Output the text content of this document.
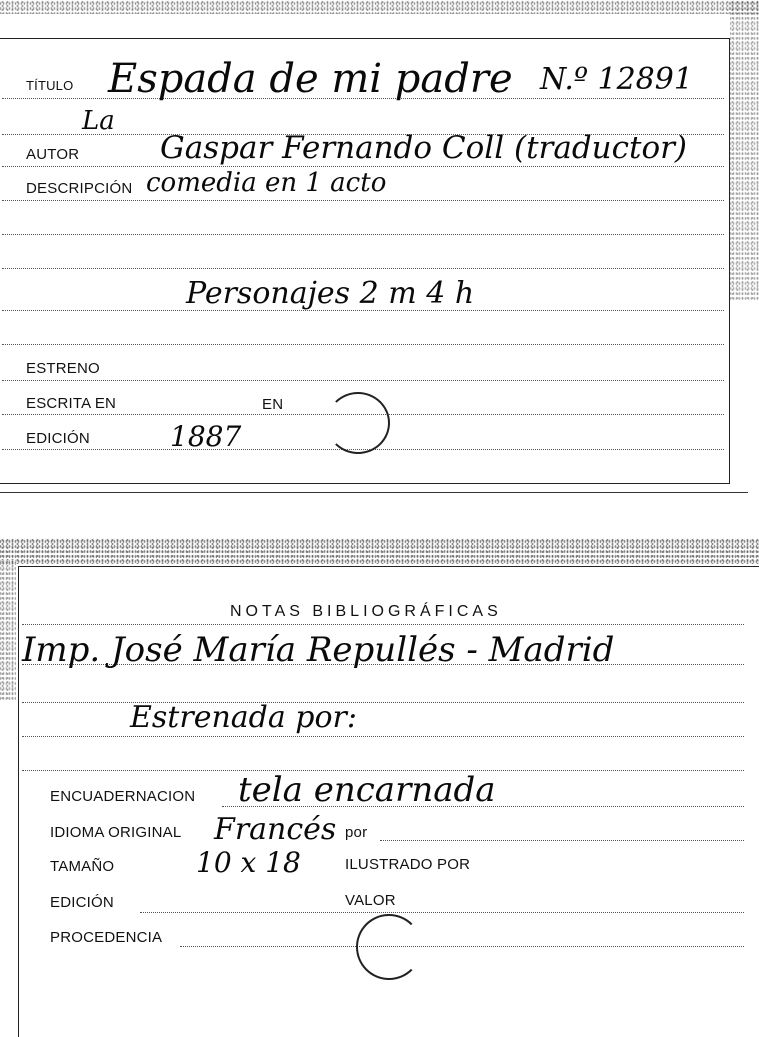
TÍTULO Espada de mi padre N.º 12891
La
AUTOR	Gaspar Fernando Coll (traductor)
DESCRIPCIÓN comedia en 1 acto
Personajes 2 m 4 h
ESTRENO
ESCRITA EN	EN
EDICIÓN	1887
NOTAS BIBLIOGRÁFICAS
Imp. José María Repullés - Madrid
Estrenada por:
ENCUADERNACION tela encarnada
IDIOMA ORIGINAL Francés por
TAMAÑO	10 x 18	ILUSTRADO POR
EDICIÓN	VALOR
PROCEDENCIA
